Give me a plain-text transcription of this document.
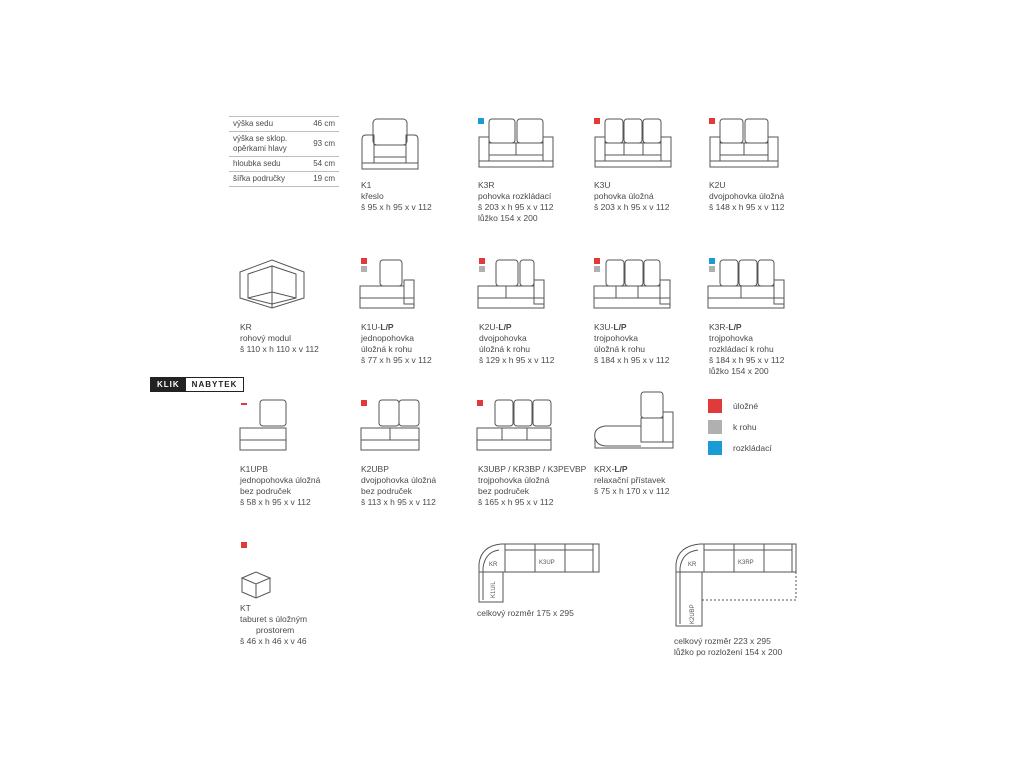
výška sedu	46 cm
výška se sklop. opěrkami hlavy	93 cm
hloubka sedu	54 cm
šířka područky	19 cm
KLIK	NABYTEK
K1
křeslo
š 95 x h 95 x v 112
K3R
pohovka rozkládací
š 203 x h 95 x v 112
lůžko 154 x 200
K3U
pohovka úložná
š 203 x h 95 x v 112
K2U
dvojpohovka úložná
š 148 x h 95 x v 112
KR
rohový modul
š 110 x h 110 x v 112
K1U-L/P
jednopohovka
úložná k rohu
š 77 x h 95 x v 112
K2U-L/P
dvojpohovka
úložná k rohu
š 129 x h 95 x v 112
K3U-L/P
trojpohovka
úložná k rohu
š 184 x h 95 x v 112
K3R-L/P
trojpohovka
rozkládací k rohu
š 184 x h 95 x v 112
lůžko 154 x 200
K1UPB
jednopohovka úložná
bez područek
š 58 x h 95 x v 112
K2UBP
dvojpohovka úložná
bez područek
š 113 x h 95 x v 112
K3UBP / KR3BP / K3PEVBP
trojpohovka úložná
bez područek
š 165 x h 95 x v 112
KRX-L/P
relaxační přístavek
š 75 x h 170 x v 112
úložné
k rohu
rozkládací
KT
taburet s úložným
prostorem
š 46 x h 46 x v 46
KR	K3UP
K1U/L
celkový rozměr 175 x 295
KR	K3RP
K2UBP
celkový rozměr 223 x 295
lůžko po rozložení 154 x 200
